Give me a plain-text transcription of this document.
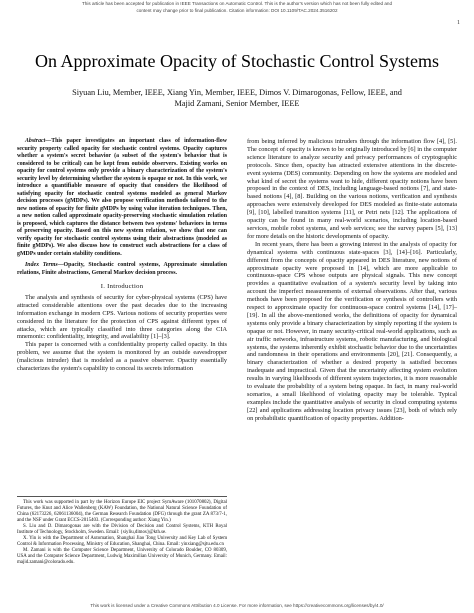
This article has been accepted for publication in IEEE Transactions on Automatic Control. This is the author's version which has not been fully edited and
content may change prior to final publication. Citation information: DOI 10.1109/TAC.2024.3516202
1
On Approximate Opacity of Stochastic Control Systems
Siyuan Liu, Member, IEEE, Xiang Yin, Member, IEEE, Dimos V. Dimarogonas, Fellow, IEEE, and
Majid Zamani, Senior Member, IEEE

Abstract—This paper investigates an important class of information-flow security property called opacity for stochastic control systems. Opacity captures whether a system's secret behavior (a subset of the system's behavior that is considered to be critical) can be kept from outside observers. Existing works on opacity for control systems only provide a binary characterization of the system's security level by determining whether the system is opaque or not. In this work, we introduce a quantifiable measure of opacity that considers the likelihood of satisfying opacity for stochastic control systems modeled as general Markov decision processes (gMDPs). We also propose verification methods tailored to the new notions of opacity for finite gMDPs by using value iteration techniques. Then, a new notion called approximate opacity-preserving stochastic simulation relation is proposed, which captures the distance between two systems' behaviors in terms of preserving opacity. Based on this new system relation, we show that one can verify opacity for stochastic control systems using their abstractions (modeled as finite gMDPs). We also discuss how to construct such abstractions for a class of gMDPs under certain stability conditions.

Index Terms—Opacity, Stochastic control systems, Approximate simulation relations, Finite abstractions, General Markov decision process.

I. Introduction

The analysis and synthesis of security for cyber-physical systems (CPS) have attracted considerable attentions over the past decades due to the increasing information exchange in modern CPS. Various notions of security properties were considered in the literature for the protection of CPS against different types of attacks, which are typically classified into three categories along the CIA mnemonic: confidentiality, integrity, and availability [1]–[3].

This paper is concerned with a confidentiality property called opacity. In this problem, we assume that the system is monitored by an outside eavesdropper (malicious intruder) that is modeled as a passive observer. Opacity essentially characterizes the system's capability to conceal its secrets information

This work was supported in part by the Horizon Europe EIC project SymAware (101070802), Digital Futures, the Knut and Alice Wallenberg (KAW) Foundation, the National Natural Science Foundation of China (62173226, 62061136004), the German Research Foundation (DFG) through the grant ZA 873/7-1, and the NSF under Grant ECCS-2015403. (Corresponding author: Xiang Yin.)

S. Liu and D. Dimarogonas are with the Division of Decision and Control Systems, KTH Royal Institute of Technology, Stockholm, Sweden. Email: {siyliu,dimos}@kth.se.

X. Yin is with the Department of Automation, Shanghai Jiao Tong University and Key Lab of System Control & Information Processing, Ministry of Education, Shanghai, China. Email: yinxiang@sjtu.edu.cn

M. Zamani is with the Computer Science Department, University of Colorado Boulder, CO 80309, USA and the Computer Science Department, Ludwig Maximilian University of Munich, Germany. Email: majid.zamani@colorado.edu.

from being inferred by malicious intruders through the information flow [4], [5]. The concept of opacity is known to be originally introduced by [6] in the computer science literature to analyze security and privacy performances of cryptographic protocols. Since then, opacity has attracted extensive attentions in the discrete-event systems (DES) community. Depending on how the systems are modeled and what kind of secret the systems want to hide, different opacity notions have been proposed in the context of DES, including language-based notions [7], and state-based notions [4], [8]. Building on the various notions, verification and synthesis approaches were extensively developed for DES modeled as finite-state automata [9], [10], labelled transition systems [11], or Petri nets [12]. The applications of opacity can be found in many real-world scenarios, including location-based services, mobile robot systems, and web services; see the survey papers [5], [13] for more details on the historic developments of opacity.

In recent years, there has been a growing interest in the analysis of opacity for dynamical systems with continuous state-spaces [3], [14]–[16]. Particularly, different from the concepts of opacity appeared in DES literature, new notions of approximate opacity were proposed in [14], which are more applicable to continuous-space CPS whose outputs are physical signals. This new concept provides a quantitative evaluation of a system's security level by taking into account the imperfect measurements of external observations. After that, various methods have been proposed for the verification or synthesis of controllers with respect to approximate opacity for continuous-space control systems [14], [17]–[19]. In all the above-mentioned works, the definitions of opacity for dynamical systems only provide a binary characterization by simply reporting if the system is opaque or not. However, in many security-critical real-world applications, such as air traffic networks, infrastructure systems, robotic manufacturing, and biological systems, the systems inherently exhibit stochastic behavior due to the uncertainties and randomness in their operations and environments [20], [21]. Consequently, a binary characterization of whether a desired property is satisfied becomes inadequate and impractical. Given that the uncertainty affecting system evolution results in varying likelihoods of different system trajectories, it is more reasonable to evaluate the probability of a system being opaque. In fact, in many real-world scenarios, a small likelihood of violating opacity may be tolerable. Typical examples include the quantitative analysis of security in cloud computing systems [22] and applications addressing location privacy issues [23], both of which rely on probabilistic quantification of opacity properties. Addition-

This work is licensed under a Creative Commons Attribution 4.0 License. For more information, see https://creativecommons.org/licenses/by/4.0/
